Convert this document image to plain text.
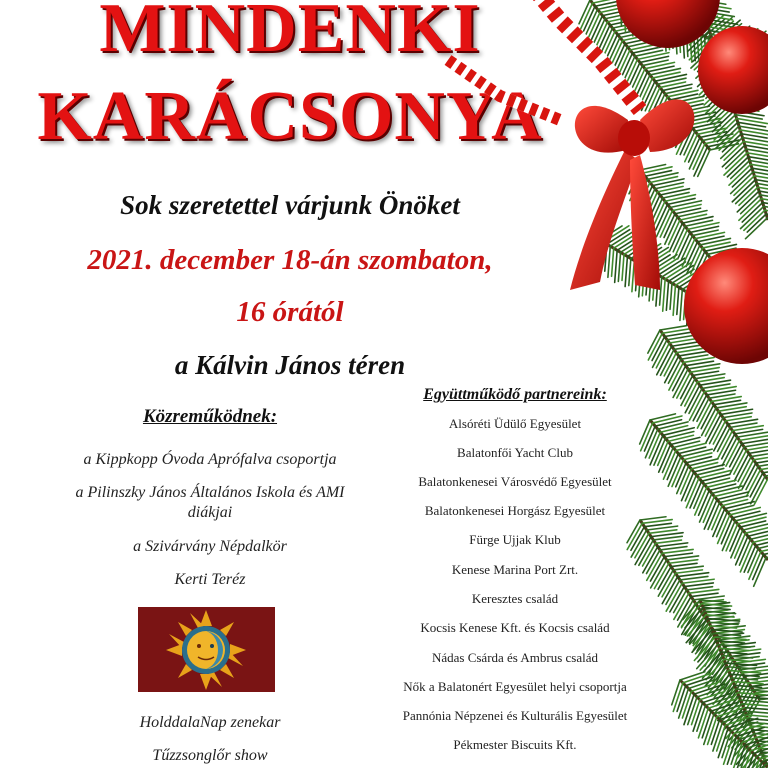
MINDENKI
KARÁCSONYA
Sok szeretettel várjunk Önöket
2021. december 18-án szombaton,
16 órától
a Kálvin János téren
Közreműködnek:
a Kippkopp Óvoda Aprófalva csoportja
a Pilinszky János Általános Iskola és AMI
diákjai
a Szivárvány Népdalkör
Kerti Teréz
HolddalaNap zenekar
Tűzzsonglőr show
Együttműködő partnereink:
Alsóréti Üdülő Egyesület
Balatonfői Yacht Club
Balatonkenesei Városvédő Egyesület
Balatonkenesei Horgász Egyesület
Fürge Ujjak Klub
Kenese Marina Port Zrt.
Keresztes család
Kocsis Kenese Kft. és Kocsis család
Nádas Csárda és Ambrus család
Nők a Balatonért Egyesület helyi csoportja
Pannónia Népzenei és Kulturális Egyesület
Pékmester Biscuits Kft.
